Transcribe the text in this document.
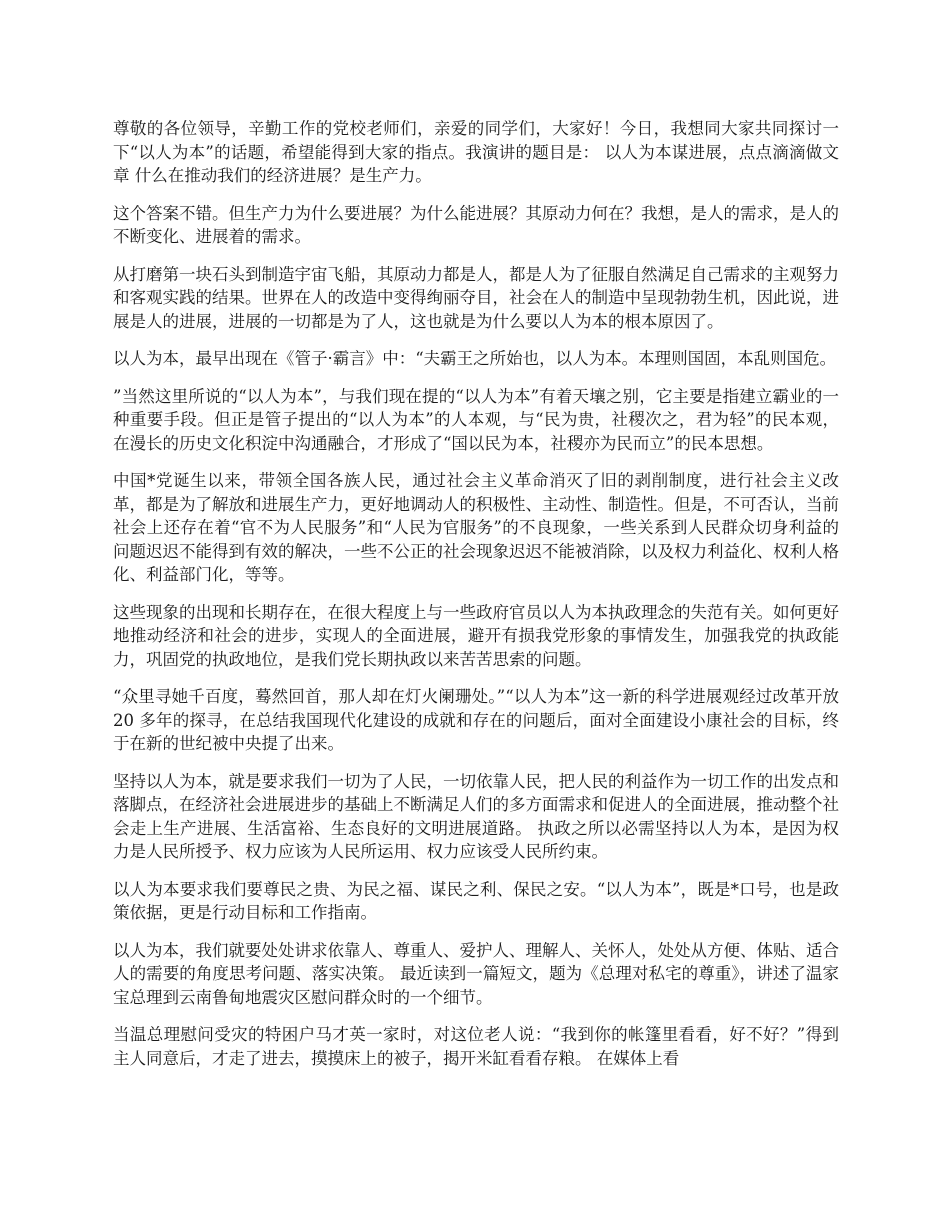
尊敬的各位领导，辛勤工作的党校老师们，亲爱的同学们，大家好！今日，我想同大家共同探讨一下“以人为本”的话题，希望能得到大家的指点。我演讲的题目是： 以人为本谋进展，点点滴滴做文章 什么在推动我们的经济进展？是生产力。

这个答案不错。但生产力为什么要进展？为什么能进展？其原动力何在？我想，是人的需求，是人的不断变化、进展着的需求。

从打磨第一块石头到制造宇宙飞船，其原动力都是人，都是人为了征服自然满足自己需求的主观努力和客观实践的结果。世界在人的改造中变得绚丽夺目，社会在人的制造中呈现勃勃生机，因此说，进展是人的进展，进展的一切都是为了人，这也就是为什么要以人为本的根本原因了。

以人为本，最早出现在《管子·霸言》中：“夫霸王之所始也，以人为本。本理则国固，本乱则国危。

”当然这里所说的“以人为本”，与我们现在提的“以人为本”有着天壤之别，它主要是指建立霸业的一种重要手段。但正是管子提出的“以人为本”的人本观，与“民为贵，社稷次之，君为轻”的民本观，在漫长的历史文化积淀中沟通融合，才形成了“国以民为本，社稷亦为民而立”的民本思想。

中国*党诞生以来，带领全国各族人民，通过社会主义革命消灭了旧的剥削制度，进行社会主义改革，都是为了解放和进展生产力，更好地调动人的积极性、主动性、制造性。但是，不可否认，当前社会上还存在着“官不为人民服务”和“人民为官服务”的不良现象，一些关系到人民群众切身利益的问题迟迟不能得到有效的解决，一些不公正的社会现象迟迟不能被消除，以及权力利益化、权利人格化、利益部门化，等等。

这些现象的出现和长期存在，在很大程度上与一些政府官员以人为本执政理念的失范有关。如何更好地推动经济和社会的进步，实现人的全面进展，避开有损我党形象的事情发生，加强我党的执政能力，巩固党的执政地位，是我们党长期执政以来苦苦思索的问题。

“众里寻她千百度，蓦然回首，那人却在灯火阑珊处。”“以人为本”这一新的科学进展观经过改革开放 20 多年的探寻，在总结我国现代化建设的成就和存在的问题后，面对全面建设小康社会的目标，终于在新的世纪被中央提了出来。

坚持以人为本，就是要求我们一切为了人民，一切依靠人民，把人民的利益作为一切工作的出发点和落脚点，在经济社会进展进步的基础上不断满足人们的多方面需求和促进人的全面进展，推动整个社会走上生产进展、生活富裕、生态良好的文明进展道路。 执政之所以必需坚持以人为本，是因为权力是人民所授予、权力应该为人民所运用、权力应该受人民所约束。

以人为本要求我们要尊民之贵、为民之福、谋民之利、保民之安。“以人为本”，既是*口号，也是政策依据，更是行动目标和工作指南。

以人为本，我们就要处处讲求依靠人、尊重人、爱护人、理解人、关怀人，处处从方便、体贴、适合人的需要的角度思考问题、落实决策。 最近读到一篇短文，题为《总理对私宅的尊重》，讲述了温家宝总理到云南鲁甸地震灾区慰问群众时的一个细节。

当温总理慰问受灾的特困户马才英一家时，对这位老人说：“我到你的帐篷里看看，好不好？”得到主人同意后，才走了进去，摸摸床上的被子，揭开米缸看看存粮。 在媒体上看
